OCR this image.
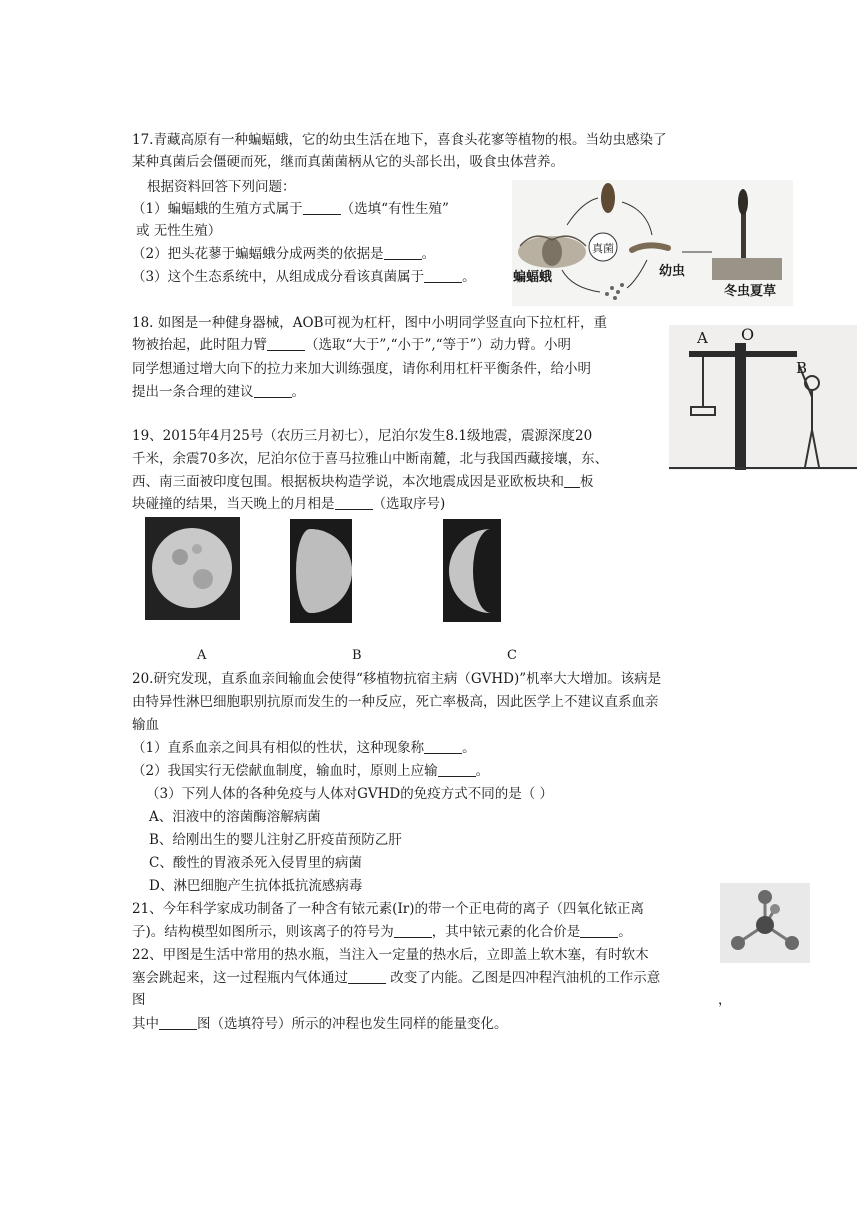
17.青藏高原有一种蝙蝠蛾，它的幼虫生活在地下，喜食头花寥等植物的根。当幼虫感染了
某种真菌后会僵硬而死，继而真菌菌柄从它的头部长出，吸食虫体营养。
根据资料回答下列问题：
（1）蝙蝠蛾的生殖方式属于	（选填“有性生殖”
或 无性生殖）
（2）把头花蓼于蝙蝠蛾分成两类的依据是	。
（3）这个生态系统中，从组成成分看该真菌属于	。	蝙蝠蛾
真菌
幼虫
冬虫夏草
18. 如图是一种健身器械，AOB可视为杠杆，图中小明同学竖直向下拉杠杆，重
物被抬起，此时阻力臂	（选取“大于”,“小于”,“等于”）动力臂。小明
同学想通过增大向下的拉力来加大训练强度，请你利用杠杆平衡条件，给小明
提出一条合理的建议	。
A O
B
19、2015年4月25号（农历三月初七），尼泊尔发生8.1级地震，震源深度20
千米，余震70多次，尼泊尔位于喜马拉雅山中断南麓，北与我国西藏接壤，东、
西、南三面被印度包围。根据板块构造学说，本次地震成因是亚欧板块和 板
块碰撞的结果，当天晚上的月相是	（选取序号)
A	B	C
20.研究发现，直系血亲间输血会使得“移植物抗宿主病（GVHD)”机率大大增加。该病是
由特异性淋巴细胞职别抗原而发生的一种反应，死亡率极高，因此医学上不建议直系血亲
输血
（1）直系血亲之间具有相似的性状，这种现象称	。
（2）我国实行无偿献血制度，输血时，原则上应输	。
（3）下列人体的各种免疫与人体对GVHD的免疫方式不同的是（ ）
A、泪液中的溶菌酶溶解病菌
B、给刚出生的婴儿注射乙肝疫苗预防乙肝
C、酸性的胃液杀死入侵胃里的病菌
D、淋巴细胞产生抗体抵抗流感病毒
21、今年科学家成功制备了一种含有铱元素(Ir)的带一个正电荷的离子（四氧化铱正离
子)。结构模型如图所示，则该离子的符号为	，其中铱元素的化合价是	。
22、甲图是生活中常用的热水瓶，当注入一定量的热水后，立即盖上软木塞，有时软木
塞会跳起来，这一过程瓶内气体通过	改变了内能。乙图是四冲程汽油机的工作示意
图	，
其中	图（选填符号）所示的冲程也发生同样的能量变化。
